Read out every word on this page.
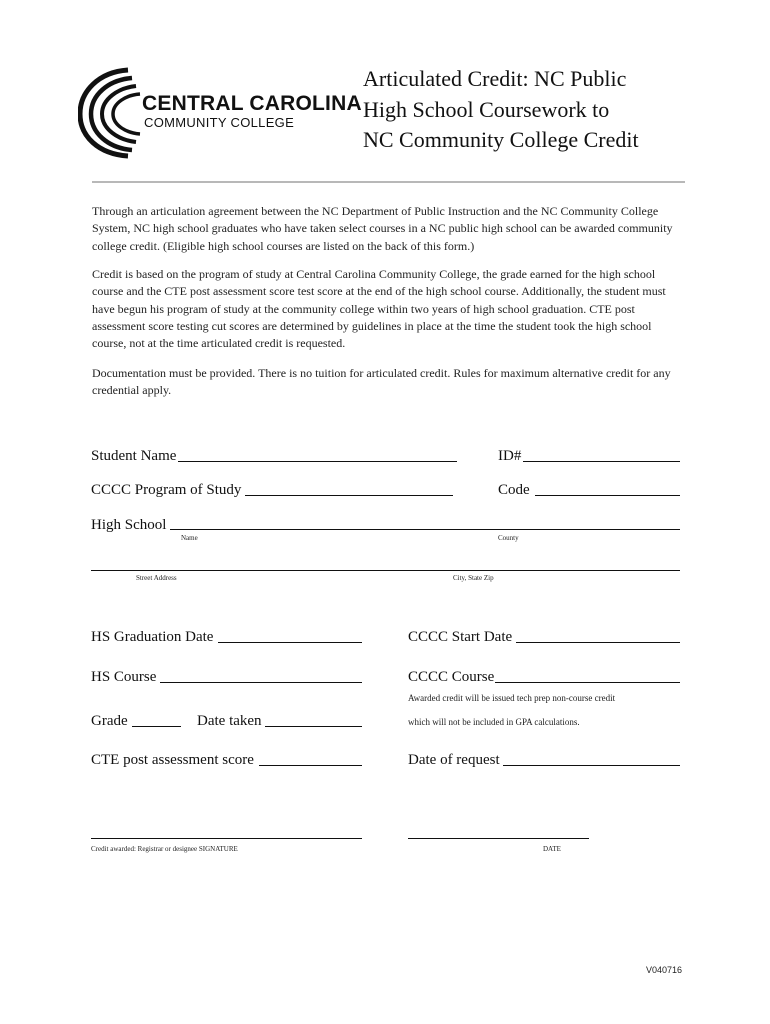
CENTRAL CAROLINA
COMMUNITY COLLEGE
Articulated Credit: NC Public
High School Coursework to
NC Community College Credit
Through an articulation agreement between the NC Department of Public Instruction and the NC Community College System, NC high school graduates who have taken select courses in a NC public high school can be awarded community college credit. (Eligible high school courses are listed on the back of this form.)
Credit is based on the program of study at Central Carolina Community College, the grade earned for the high school course and the CTE post assessment score test score at the end of the high school course. Additionally, the student must have begun his program of study at the community college within two years of high school graduation. CTE post assessment score testing cut scores are determined by guidelines in place at the time the student took the high school course, not at the time articulated credit is requested.
Documentation must be provided. There is no tuition for articulated credit. Rules for maximum alternative credit for any credential apply.
Student Name	ID#
CCCC Program of Study	Code
High School
Name	County
Street Address	City, State Zip
HS Graduation Date	CCCC Start Date
HS Course	CCCC Course
Awarded credit will be issued tech prep non-course credit
which will not be included in GPA calculations.
Grade	Date taken
CTE post assessment score	Date of request
Credit awarded: Registrar or designee SIGNATURE	DATE
V040716
